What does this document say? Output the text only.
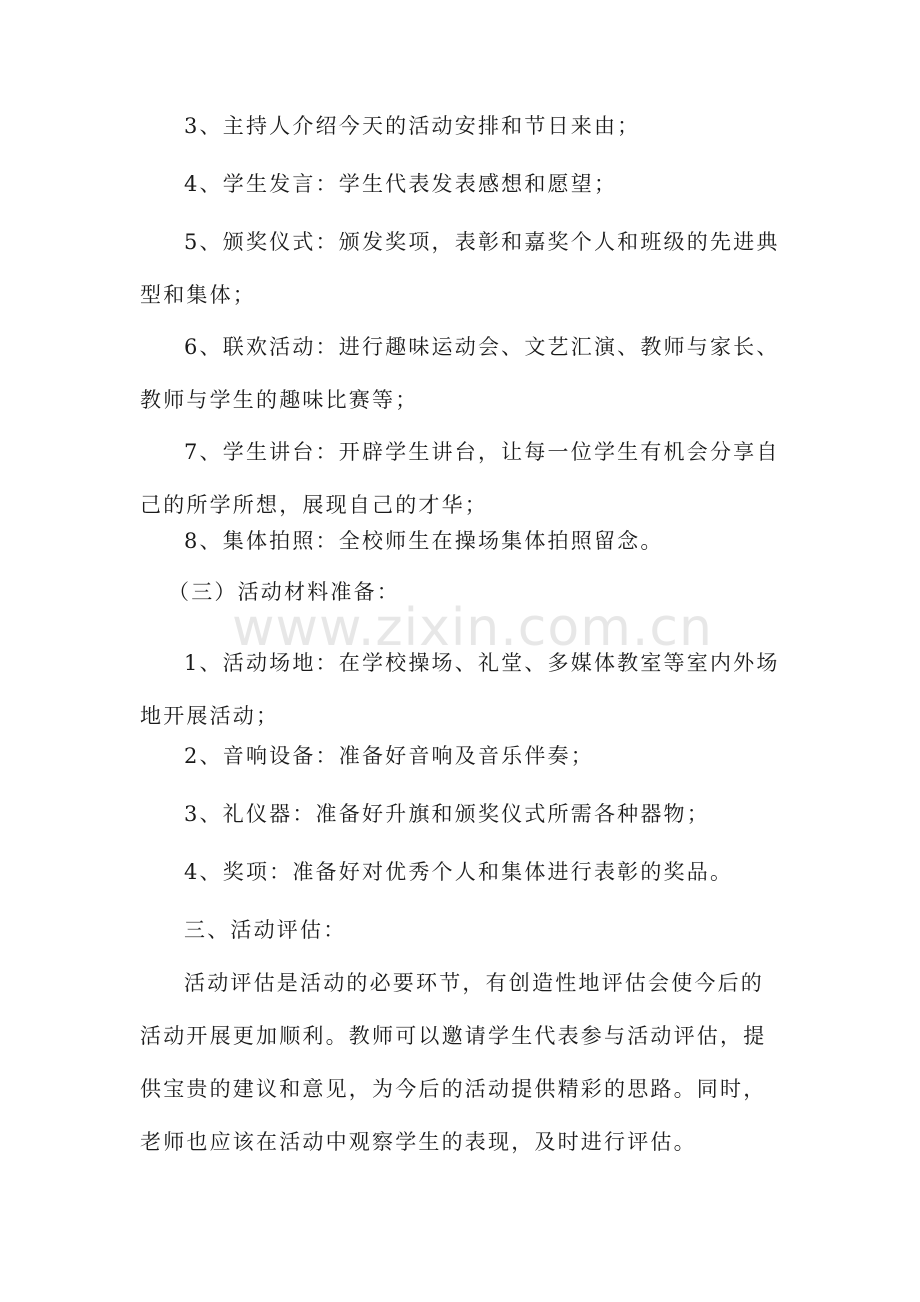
3、主持人介绍今天的活动安排和节日来由；

4、学生发言：学生代表发表感想和愿望；

5、颁奖仪式：颁发奖项，表彰和嘉奖个人和班级的先进典型和集体；

6、联欢活动：进行趣味运动会、文艺汇演、教师与家长、教师与学生的趣味比赛等；

7、学生讲台：开辟学生讲台，让每一位学生有机会分享自己的所学所想，展现自己的才华；

8、集体拍照：全校师生在操场集体拍照留念。

（三）活动材料准备：

1、活动场地：在学校操场、礼堂、多媒体教室等室内外场地开展活动；

2、音响设备：准备好音响及音乐伴奏；

3、礼仪器：准备好升旗和颁奖仪式所需各种器物；

4、奖项：准备好对优秀个人和集体进行表彰的奖品。

三、活动评估：

活动评估是活动的必要环节，有创造性地评估会使今后的活动开展更加顺利。教师可以邀请学生代表参与活动评估，提供宝贵的建议和意见，为今后的活动提供精彩的思路。同时，老师也应该在活动中观察学生的表现，及时进行评估。

www.zixin.com.cn
